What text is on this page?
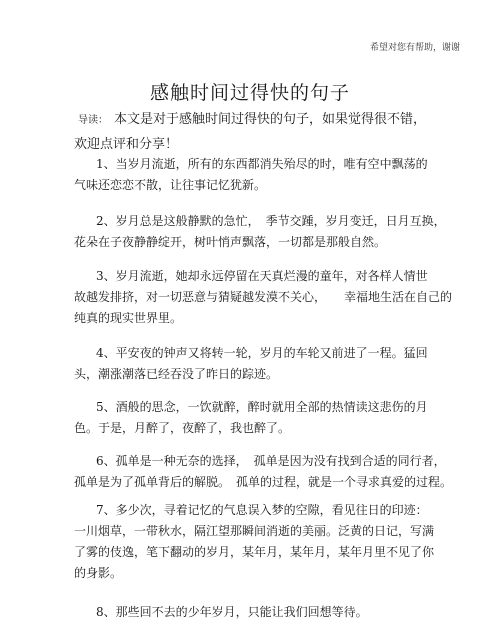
希望对您有帮助，谢谢
感触时间过得快的句子
导读： 本文是对于感触时间过得快的句子，如果觉得很不错，
欢迎点评和分享！
1、当岁月流逝，所有的东西都消失殆尽的时，唯有空中飘荡的
气味还恋恋不散，让往事记忆犹新。
2、岁月总是这般静默的急忙，　季节交踵，岁月变迁，日月互换，
花朵在子夜静静绽开，树叶悄声飘落，一切都是那般自然。
3、岁月流逝，她却永远停留在天真烂漫的童年，对各样人情世
故越发排挤，对一切恶意与猜疑越发漠不关心，　　幸福地生活在自己的
纯真的现实世界里。
4、平安夜的钟声又将转一轮，岁月的车轮又前进了一程。猛回
头，潮涨潮落已经吞没了昨日的踪迹。
5、酒般的思念，一饮就醉，醉时就用全部的热情读这悲伤的月
色。于是，月醉了，夜醉了，我也醉了。
6、孤单是一种无奈的选择，　孤单是因为没有找到合适的同行者，
孤单是为了孤单背后的解脱。　孤单的过程，就是一个寻求真爱的过程。
7、多少次，寻着记忆的气息误入梦的空隙，看见往日的印迹：
一川烟草，一带秋水，隔江望那瞬间消逝的美丽。泛黄的日记，写满
了雾的伎逸，笔下翻动的岁月，某年月，某年月，某年月里不见了你
的身影。
8、那些回不去的少年岁月，只能让我们回想等待。
